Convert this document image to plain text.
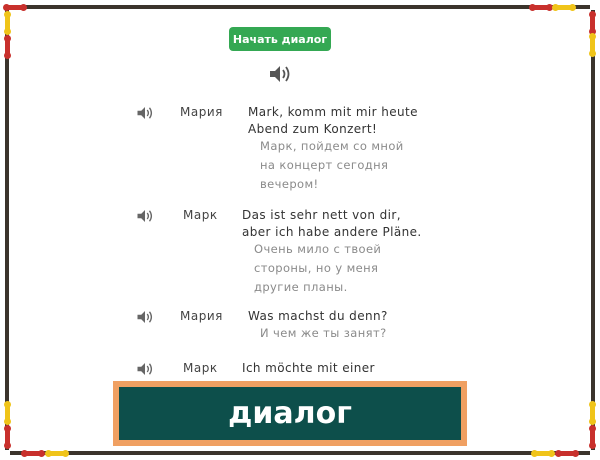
Начать диалог
Мария Mark, komm mit mir heute
Abend zum Konzert!
Марк, пойдем со мной
на концерт сегодня
вечером!
Марк Das ist sehr nett von dir,
aber ich habe andere Pläne.
Очень мило с твоей
стороны, но у меня
другие планы.
Мария Was machst du denn?
И чем же ты занят?
Марк Ich möchte mit einer
диалог
